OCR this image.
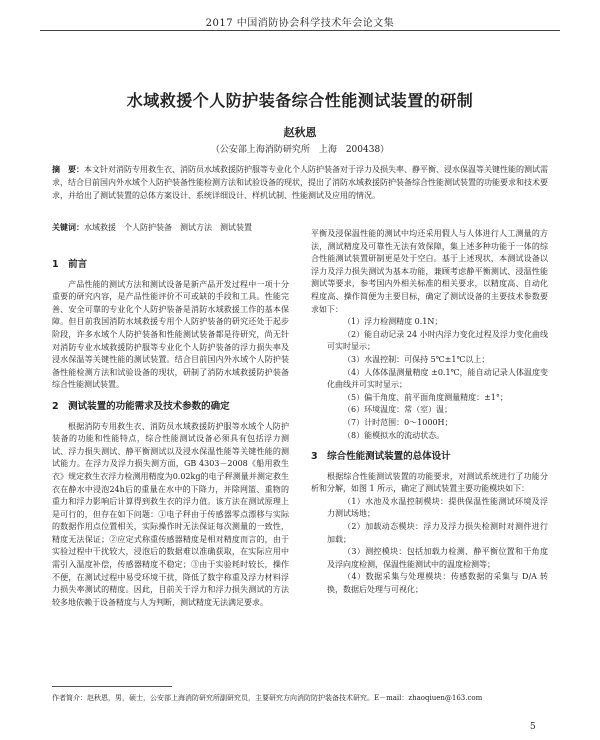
2017 中国消防协会科学技术年会论文集
水域救援个人防护装备综合性能测试装置的研制
赵秋恩
（公安部上海消防研究所　上海　200438）
摘　要：本文针对消防专用救生衣、消防员水域救援防护服等专业化个人防护装备对于浮力及损失率、静平衡、浸水保温等关键性能的测试需求，结合目前国内外水域个人防护装备性能检测方法和试验设备的现状，提出了消防水域救援防护装备综合性能测试装置的功能要求和技术要求，并给出了测试装置的总体方案设计、系统详细设计、样机试制、性能测试及应用的情况。
关键词：水域救援　个人防护装备　测试方法　测试装置
1　前言

产品性能的测试方法和测试设备是新产品开发过程中一项十分重要的研究内容，是产品性能评价不可或缺的手段和工具。性能完善、安全可靠的专业化个人防护装备是消防水域救援工作的基本保障。但目前我国消防水域救援专用个人防护装备的研究还处于起步阶段，许多水域个人防护装备和性能测试装备都是待研究，尚无针对消防专业水域救援防护服等专业化个人防护装备的浮力损失率及浸水保温等关键性能的测试装置。结合目前国内外水域个人防护装备性能检测方法和试验设备的现状，研制了消防水域救援防护装备综合性能测试装置。

2　测试装置的功能需求及技术参数的确定

根据消防专用救生衣、消防员水域救援防护服等水域个人防护装备的功能和性能特点，综合性能测试设备必须具有包括浮力测试、浮力损失测试、静平衡测试以及浸水保温性能等关键性能的测试能力。在浮力及浮力损失测方面，GB 4303－2008《船用救生衣》规定救生衣浮力检测用精度为0.02kg的电子秤测量并测定救生衣在静水中浸泡24h后的重量在水中的下降力，并除网篮、重物的重力和浮力影响后计算得到救生衣的浮力值。该方法在测试原理上是可行的，但存在如下问题：①电子秤由于传感器零点漂移与实际的数据作用点位置相关，实际操作时无法保证每次测量的一致性，精度无法保证；②应定式称重传感器精度是相对精度而言的，由于实验过程中干扰较大，浸泡后的数据难以准确获取，在实际应用中需引入温度补偿，传感器精度不稳定；③由于实验耗时较长，操作不便，在测试过程中易受环境干扰，降低了数字称重及浮力材料浮力损失率测试的精度。因此，目前关于浮力和浮力损失测试的方法较多地依赖于设备精度与人为判断，测试精度无法满足要求。

平衡及浸保温性能的测试中均还采用假人与人体进行人工测量的方法，测试精度及可靠性无法有效保障，集上述多种功能于一体的综合性能测试装置研制更是处于空白。基于上述现状，本测试设备以浮力及浮力损失测试为基本功能，兼顾考虑静平衡测试、浸温性能测试等要求，参考国内外相关标准的相关要求，以精度高、自动化程度高、操作简便为主要目标，确定了测试设备的主要技术参数要求如下：

（1）浮力检测精度 0.1N；

（2）能自动记录 24 小时内浮力变化过程及浮力变化曲线可实时显示；

（3）水温控制：可保持 5℃±1℃以上；

（4）人体体温测量精度 ±0.1℃，能自动记录人体温度变化曲线并可实时显示；

（5）偏干角度、前平面角度测量精度：±1°；

（6）环境温度：常（室）温；

（7）计时范围：0～1000H；

（8）能模拟水的流动状态。

3　综合性能测试装置的总体设计

根据综合性能测试装置的功能要求，对测试系统进行了功能分析和分解，如图 1 所示，确定了测试装置主要功能模块如下：

（1）水池及水温控制模块：提供保温性能测试环境及浮力测试场地；

（2）加载动态模块：浮力及浮力损失检测时对测件进行加载；

（3）测控模块：包括加载力检测、静平衡位置和干角度及浮向度检测，保温性能测试中的温度检测等；

（4）数据采集与处理模块：传感数据的采集与 D/A 转换，数据后处理与可视化；

作者简介：赵秋恩，男，硕士，公安部上海消防研究所副研究员，主要研究方向消防防护装备技术研究。E－mail：zhaoqiuen@163.com
5
